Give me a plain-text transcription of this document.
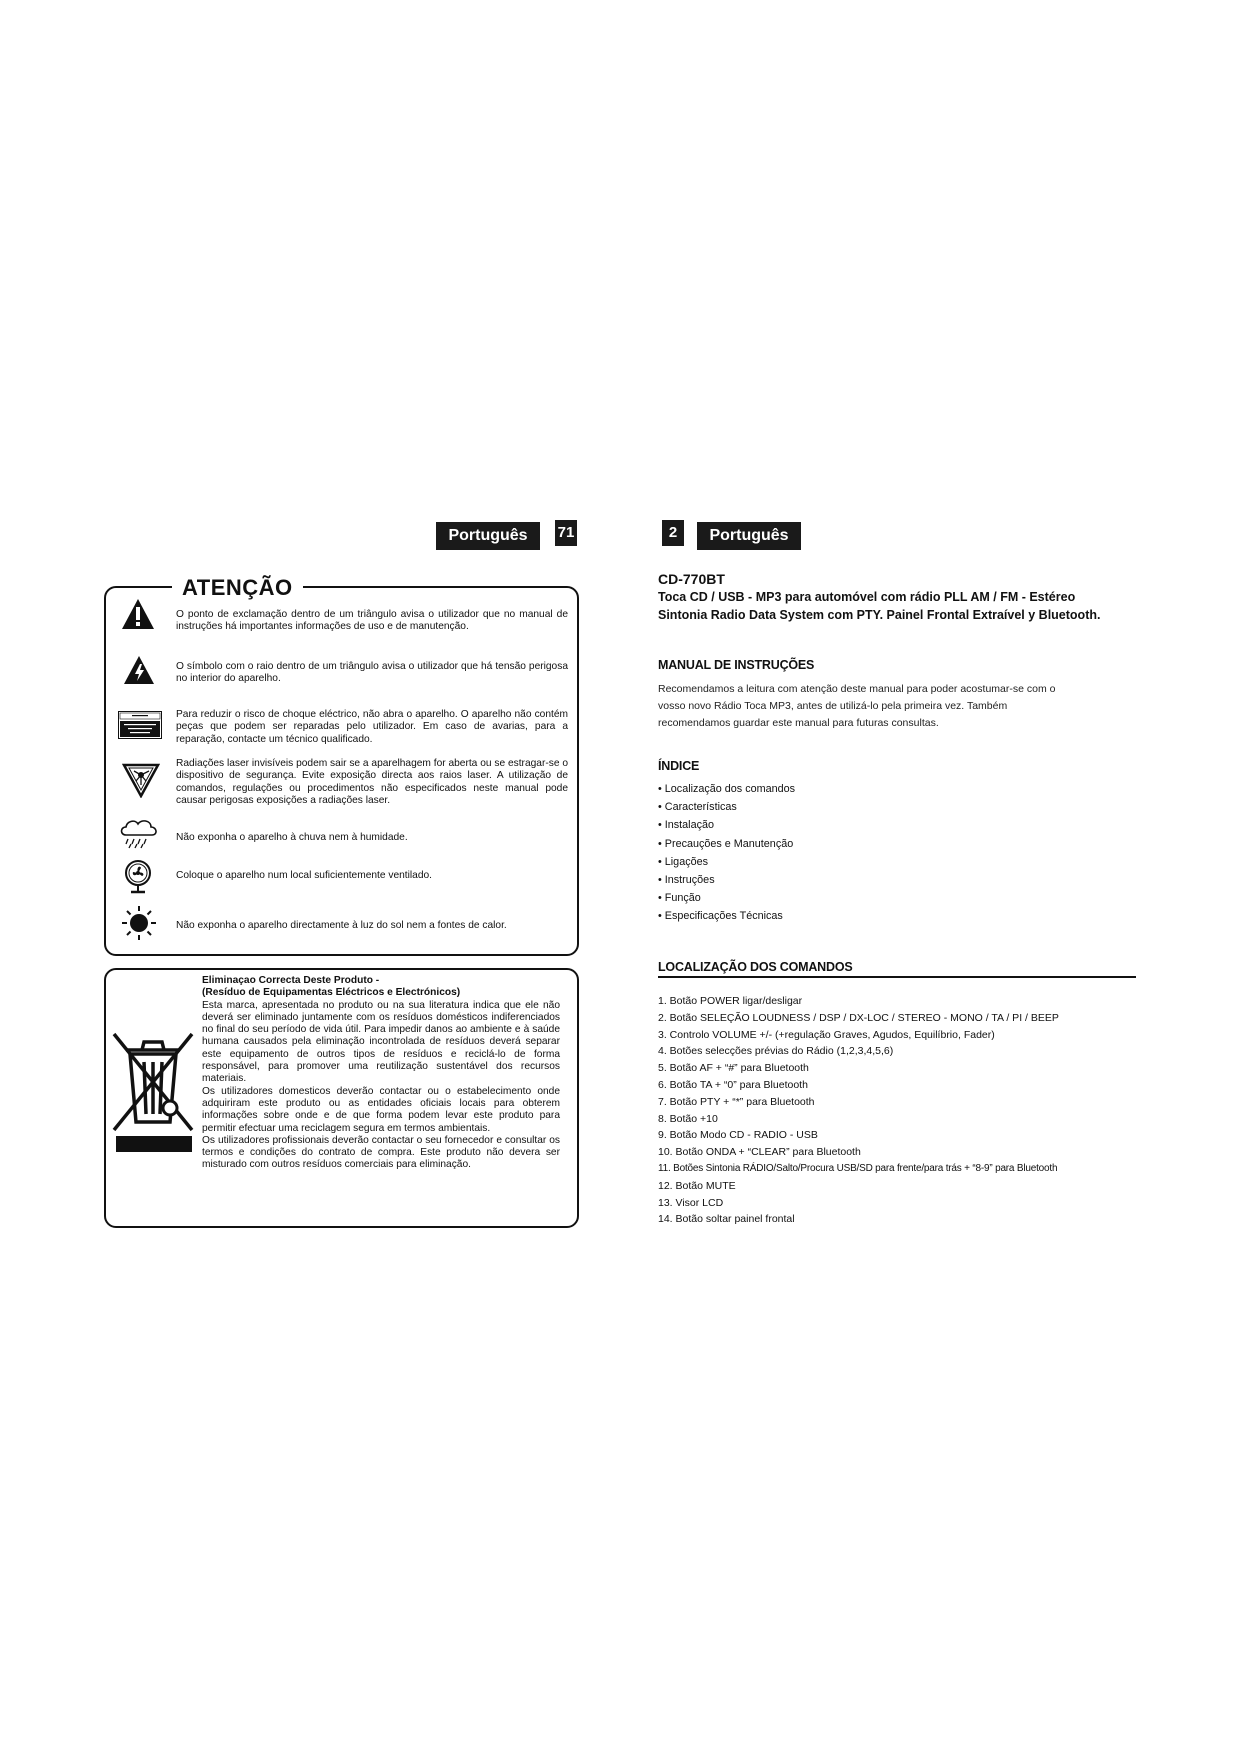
Português	71
ATENÇÃO
O ponto de exclamação dentro de um triângulo avisa o utilizador que no manual de instruções há importantes informações de uso e de manutenção.
O símbolo com o raio dentro de um triângulo avisa o utilizador que há tensão perigosa no interior do aparelho.
Para reduzir o risco de choque eléctrico, não abra o aparelho. O aparelho não contém peças que podem ser reparadas pelo utilizador. Em caso de avarias, para a reparação, contacte um técnico qualificado.
Radiações laser invisíveis podem sair se a aparelhagem for aberta ou se estragar-se o dispositivo de segurança. Evite exposição directa aos raios laser. A utilização de comandos, regulações ou procedimentos não especificados neste manual pode causar perigosas exposições a radiações laser.
Não exponha o aparelho à chuva nem à humidade.
Coloque o aparelho num local suficientemente ventilado.
Não exponha o aparelho directamente à luz do sol nem a fontes de calor.
Eliminaçao Correcta Deste Produto -
(Resíduo de Equipamentas Eléctricos e Electrónicos)
Esta marca, apresentada no produto ou na sua literatura indica que ele não deverá ser eliminado juntamente com os resíduos domésticos indiferenciados no final do seu período de vida útil. Para impedir danos ao ambiente e à saúde humana causados pela eliminação incontrolada de resíduos deverá separar este equipamento de outros tipos de resíduos e reciclá-lo de forma responsável, para promover uma reutilização sustentável dos recursos materiais.
Os utilizadores domesticos deverão contactar ou o estabelecimento onde adquiriram este produto ou as entidades oficiais locais para obterem informações sobre onde e de que forma podem levar este produto para permitir efectuar uma reciclagem segura em termos ambientais.
Os utilizadores profissionais deverão contactar o seu fornecedor e consultar os termos e condições do contrato de compra. Este produto não devera ser misturado com outros resíduos comerciais para eliminação.
2	Português
CD-770BT
Toca CD / USB - MP3 para automóvel com rádio PLL AM / FM - Estéreo
Sintonia Radio Data System com PTY. Painel Frontal Extraível y Bluetooth.
MANUAL DE INSTRUÇÕES
Recomendamos a leitura com atenção deste manual para poder acostumar-se com o
vosso novo Rádio Toca MP3, antes de utilizá-lo pela primeira vez. Também
recomendamos guardar este manual para futuras consultas.
ÍNDICE
• Localização dos comandos
• Características
• Instalação
• Precauções e Manutenção
• Ligações
• Instruções
• Função
• Especificações Técnicas
LOCALIZAÇÃO DOS COMANDOS
1. Botão POWER ligar/desligar
2. Botão SELEÇÃO LOUDNESS / DSP / DX-LOC / STEREO - MONO / TA / PI / BEEP
3. Controlo VOLUME +/- (+regulação Graves, Agudos, Equilíbrio, Fader)
4. Botões selecções prévias do Rádio (1,2,3,4,5,6)
5. Botão AF + “#” para Bluetooth
6. Botão TA + “0” para Bluetooth
7. Botão PTY + “*” para Bluetooth
8. Botão +10
9. Botão Modo CD - RADIO - USB
10. Botão ONDA + “CLEAR” para Bluetooth
11. Botões Sintonia RÁDIO/Salto/Procura USB/SD para frente/para trás + “8-9” para Bluetooth
12. Botão MUTE
13. Visor LCD
14. Botão soltar painel frontal
